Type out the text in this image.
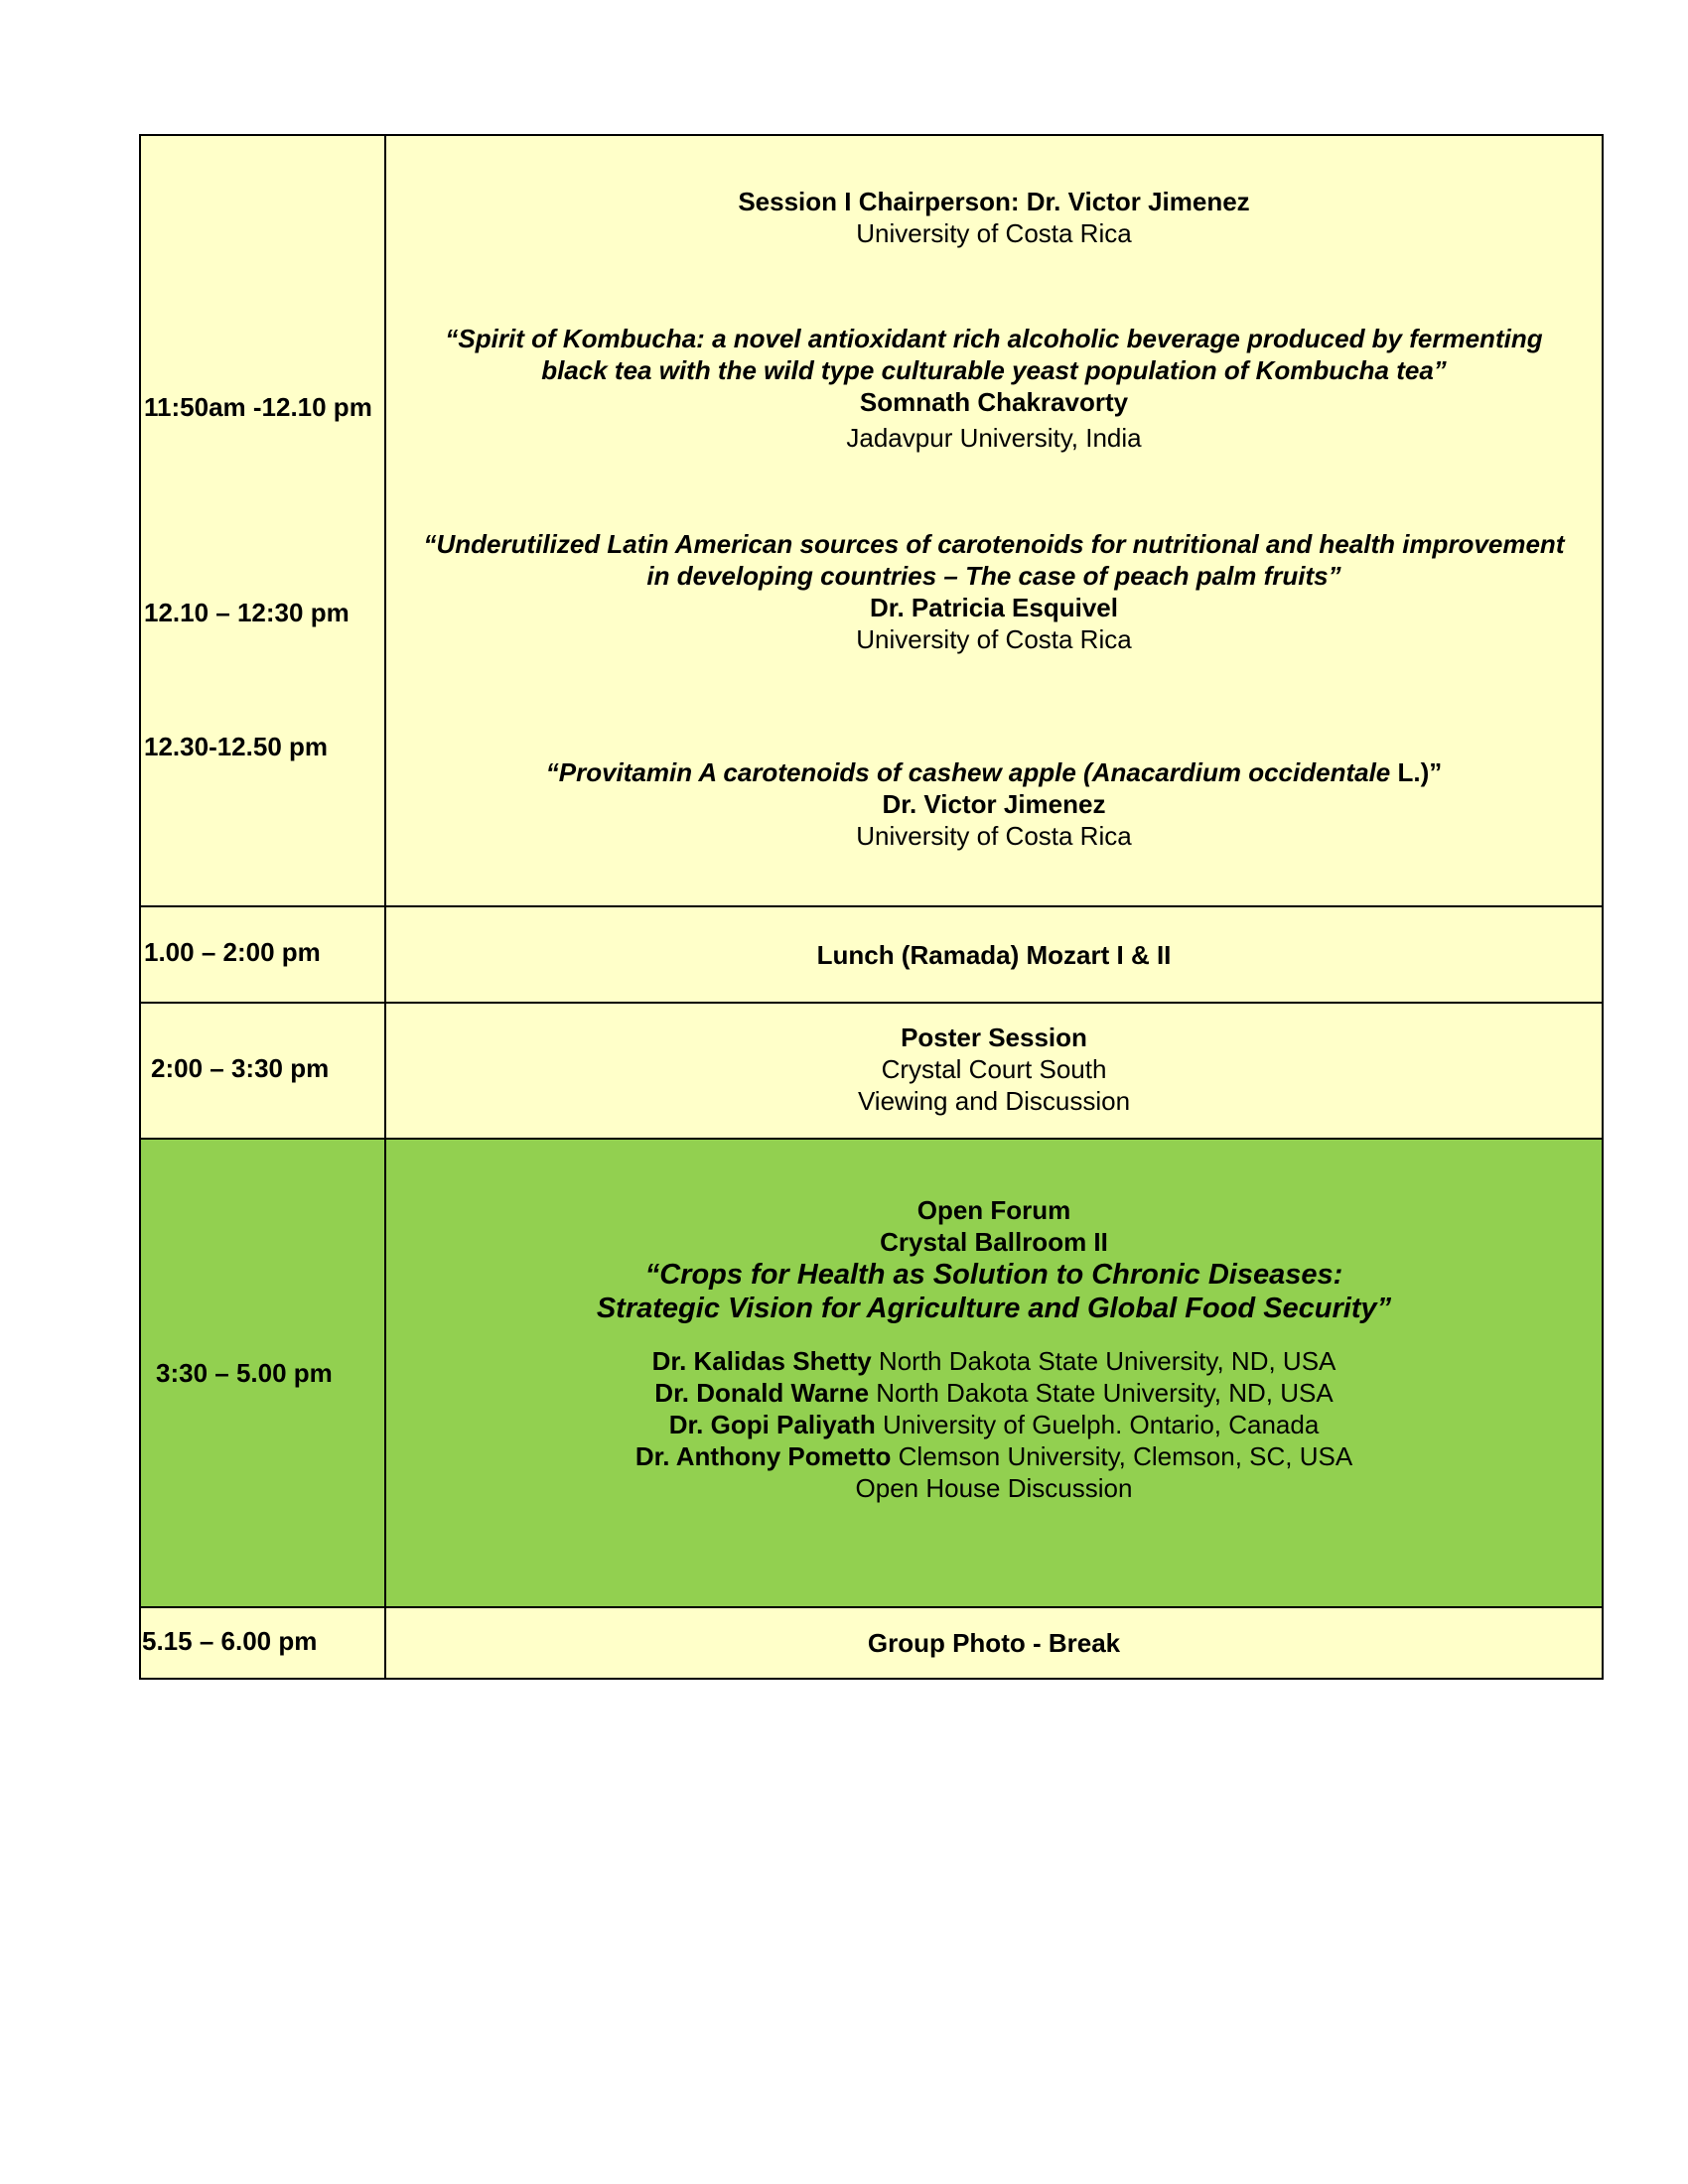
11:50am -12.10 pm
12.10 – 12:30 pm
12.30-12.50 pm
Session I Chairperson: Dr. Victor Jimenez
University of Costa Rica
“Spirit of Kombucha: a novel antioxidant rich alcoholic beverage produced by fermenting
black tea with the wild type culturable yeast population of Kombucha tea”
Somnath Chakravorty
Jadavpur University, India
“Underutilized Latin American sources of carotenoids for nutritional and health improvement
in developing countries – The case of peach palm fruits”
Dr. Patricia Esquivel
University of Costa Rica
“Provitamin A carotenoids of cashew apple (Anacardium occidentale L.)”
Dr. Victor Jimenez
University of Costa Rica
1.00 – 2:00 pm	Lunch (Ramada) Mozart I & II
2:00 – 3:30 pm
Poster Session
Crystal Court South
Viewing and Discussion
3:30 – 5.00 pm
Open Forum
Crystal Ballroom II
“Crops for Health as Solution to Chronic Diseases:
Strategic Vision for Agriculture and Global Food Security”
Dr. Kalidas Shetty North Dakota State University, ND, USA
Dr. Donald Warne North Dakota State University, ND, USA
Dr. Gopi Paliyath University of Guelph. Ontario, Canada
Dr. Anthony Pometto Clemson University, Clemson, SC, USA
Open House Discussion
5.15 – 6.00 pm	Group Photo - Break
